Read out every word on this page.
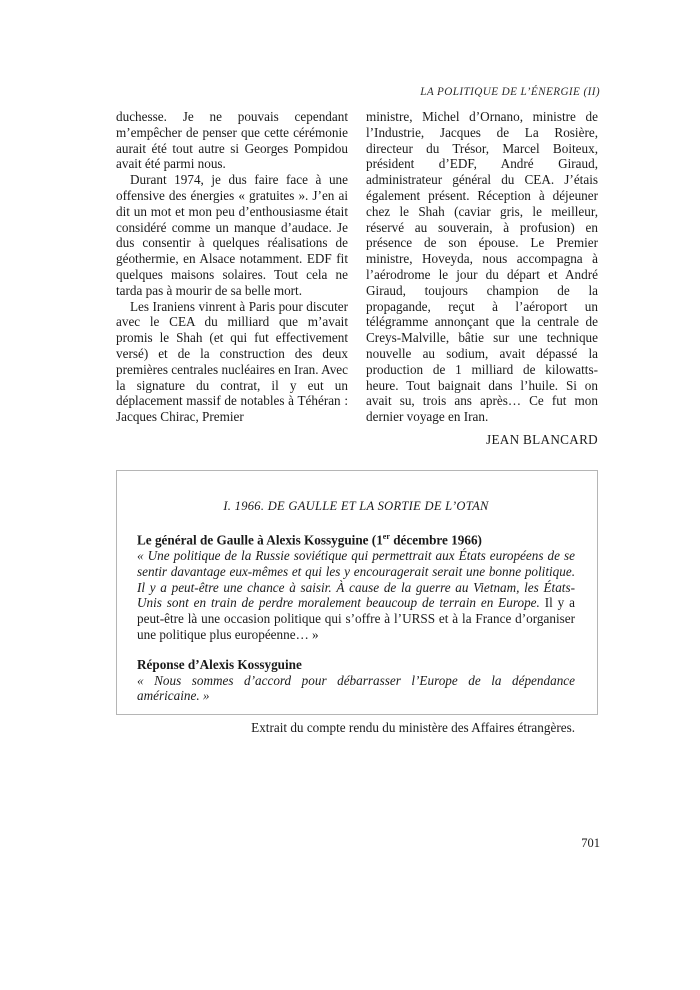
LA POLITIQUE DE L’ÉNERGIE (II)

duchesse. Je ne pouvais cependant m’empêcher de penser que cette cérémonie aurait été tout autre si Georges Pompidou avait été parmi nous.

Durant 1974, je dus faire face à une offensive des énergies « gratuites ». J’en ai dit un mot et mon peu d’enthousiasme était considéré comme un manque d’audace. Je dus consentir à quelques réalisations de géothermie, en Alsace notamment. EDF fit quelques maisons solaires. Tout cela ne tarda pas à mourir de sa belle mort.

Les Iraniens vinrent à Paris pour discuter avec le CEA du milliard que m’avait promis le Shah (et qui fut effectivement versé) et de la construction des deux premières centrales nucléaires en Iran. Avec la signature du contrat, il y eut un déplacement massif de notables à Téhéran : Jacques Chirac, Premier

ministre, Michel d’Ornano, ministre de l’Industrie, Jacques de La Rosière, directeur du Trésor, Marcel Boiteux, président d’EDF, André Giraud, administrateur général du CEA. J’étais également présent. Réception à déjeuner chez le Shah (caviar gris, le meilleur, réservé au souverain, à profusion) en présence de son épouse. Le Premier ministre, Hoveyda, nous accompagna à l’aérodrome le jour du départ et André Giraud, toujours champion de la propagande, reçut à l’aéroport un télégramme annonçant que la centrale de Creys-Malville, bâtie sur une technique nouvelle au sodium, avait dépassé la production de 1 milliard de kilowatts-heure. Tout baignait dans l’huile. Si on avait su, trois ans après… Ce fut mon dernier voyage en Iran.

JEAN BLANCARD

I. 1966. DE GAULLE ET LA SORTIE DE L’OTAN

Le général de Gaulle à Alexis Kossyguine (1er décembre 1966)

« Une politique de la Russie soviétique qui permettrait aux États européens de se sentir davantage eux-mêmes et qui les y encouragerait serait une bonne politique. Il y a peut-être une chance à saisir. À cause de la guerre au Vietnam, les États-Unis sont en train de perdre moralement beaucoup de terrain en Europe. Il y a peut-être là une occasion politique qui s’offre à l’URSS et à la France d’organiser une politique plus européenne… »

Réponse d’Alexis Kossyguine

« Nous sommes d’accord pour débarrasser l’Europe de la dépendance américaine. »

Extrait du compte rendu du ministère des Affaires étrangères.

701
